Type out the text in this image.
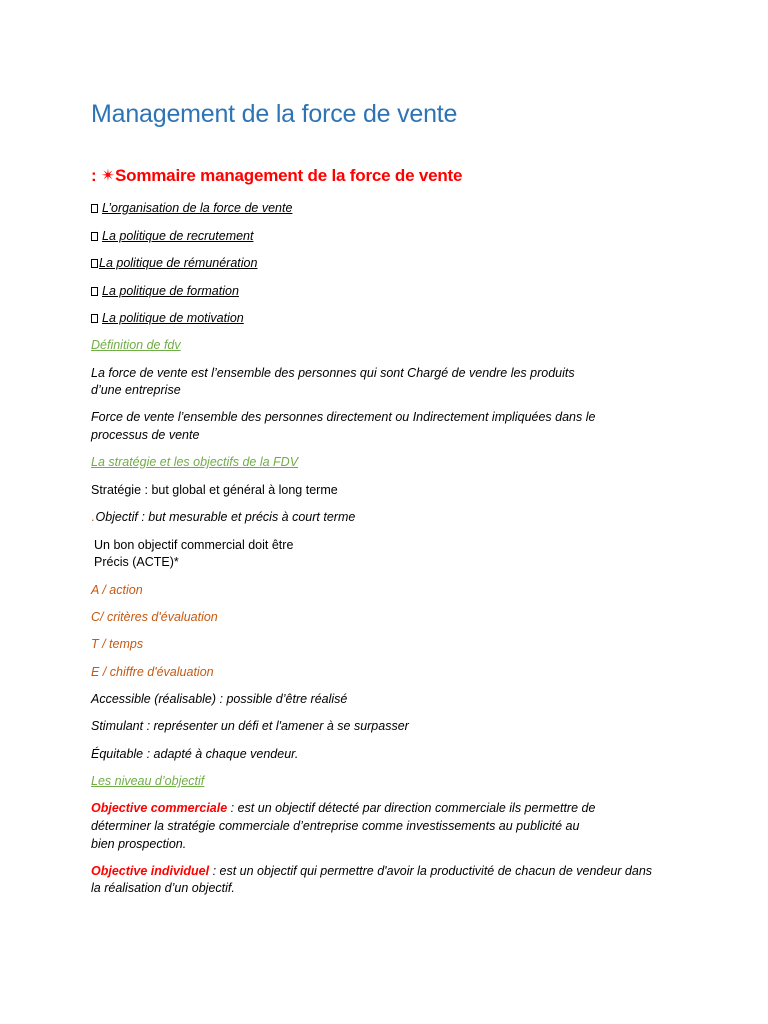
Management de la force de vente
: ✴Sommaire management de la force de vente
L’organisation de la force de vente
La politique de recrutement
La politique de rémunération
La politique de formation
La politique de motivation
Définition de fdv
La force de vente est l’ensemble des personnes qui sont Chargé de vendre les produits
d’une entreprise
Force de vente l’ensemble des personnes directement ou Indirectement impliquées dans le
processus de vente
La stratégie et les objectifs de la FDV
Stratégie : but global et général à long terme
.Objectif : but mesurable et précis à court terme
Un bon objectif commercial doit être
Précis (ACTE)*
A / action
C/ critères d'évaluation
T / temps
E / chiffre d'évaluation
Accessible (réalisable) : possible d’être réalisé
Stimulant : représenter un défi et l'amener à se surpasser
Équitable : adapté à chaque vendeur.
Les niveau d’objectif
Objective commerciale : est un objectif détecté par direction commerciale ils permettre de
déterminer la stratégie commerciale d’entreprise comme investissements au publicité au
bien prospection.
Objective individuel : est un objectif qui permettre d'avoir la productivité de chacun de vendeur dans
la réalisation d’un objectif.
